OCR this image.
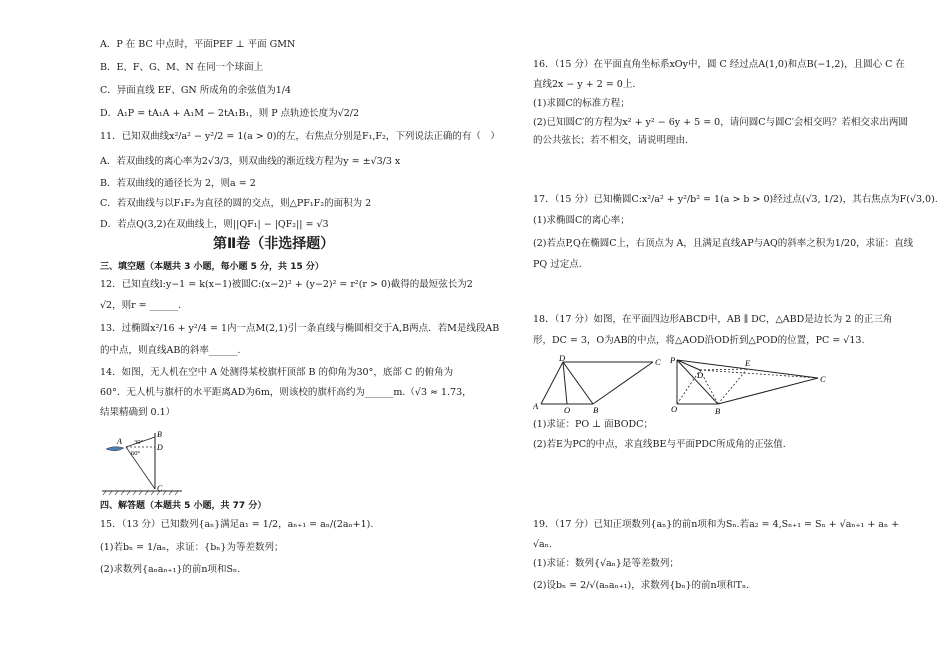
A．P 在 BC 中点时，平面PEF ⊥ 平面 GMN
B．E、F、G、M、N 在同一个球面上
C．异面直线 EF、GN 所成角的余弦值为1/4
D．A₁P = tA₁A + A₁M − 2tA₁B₁，则 P 点轨迹长度为√2/2
11．已知双曲线x²/a² − y²/2 = 1(a > 0)的左，右焦点分别是F₁,F₂，下列说法正确的有（　）
A．若双曲线的离心率为2√3/3，则双曲线的渐近线方程为y = ±√3/3 x
B．若双曲线的通径长为 2，则a = 2
C．若双曲线与以F₁F₂为直径的圆的交点，则△PF₁F₂的面积为 2
D．若点Q(3,2)在双曲线上，则||QF₁| − |QF₂|| = √3
第Ⅱ卷（非选择题）
三、填空题（本题共 3 小题，每小题 5 分，共 15 分）
12．已知直线l:y−1 = k(x−1)被圆C:(x−2)² + (y−2)² = r²(r > 0)截得的最短弦长为2
√2，则r = ______.
13．过椭圆x²/16 + y²/4 = 1内一点M(2,1)引一条直线与椭圆相交于A,B两点．若M是线段AB
的中点，则直线AB的斜率______.
14．如图，无人机在空中 A 处测得某校旗杆顶部 B 的仰角为30°，底部 C 的俯角为
60°．无人机与旗杆的水平距离AD为6m，则该校的旗杆高约为______m.（√3 ≈ 1.73，
结果精确到 0.1）
A
B
D
C
30°
60°
四、解答题（本题共 5 小题，共 77 分）
15．（13 分）已知数列{aₙ}满足a₁ = 1/2，aₙ₊₁ = aₙ/(2aₙ+1).
(1)若bₙ = 1/aₙ，求证：{bₙ}为等差数列；
(2)求数列{aₙaₙ₊₁}的前n项和Sₙ.
16．（15 分）在平面直角坐标系xOy中，圆 C 经过点A(1,0)和点B(−1,2)，且圆心 C 在
直线2x − y + 2 = 0上.
(1)求圆C的标准方程；
(2)已知圆C′的方程为x² + y² − 6y + 5 = 0，请问圆C与圆C′会相交吗？若相交求出两圆
的公共弦长；若不相交，请说明理由.
17．（15 分）已知椭圆C:x²/a² + y²/b² = 1(a > b > 0)经过点(√3, 1/2)，其右焦点为F(√3,0).
(1)求椭圆C的离心率；
(2)若点P,Q在椭圆C上，右顶点为 A，且满足直线AP与AQ的斜率之积为1/20，求证：直线
PQ 过定点.
18．（17 分）如图，在平面四边形ABCD中，AB ∥ DC，△ABD是边长为 2 的正三角
形，DC = 3，O为AB的中点，将△AOD沿OD折到△POD的位置，PC = √13.
D	C
A	O	B
P
D
E
C
O	B
(1)求证：PO ⊥ 面BODC；
(2)若E为PC的中点，求直线BE与平面PDC所成角的正弦值.
19．（17 分）已知正项数列{aₙ}的前n项和为Sₙ.若a₂ = 4,Sₙ₊₁ = Sₙ + √aₙ₊₁ + aₙ +
√aₙ.
(1)求证：数列{√aₙ}是等差数列；
(2)设bₙ = 2/√(aₙaₙ₊₁)，求数列{bₙ}的前n项和Tₙ.
